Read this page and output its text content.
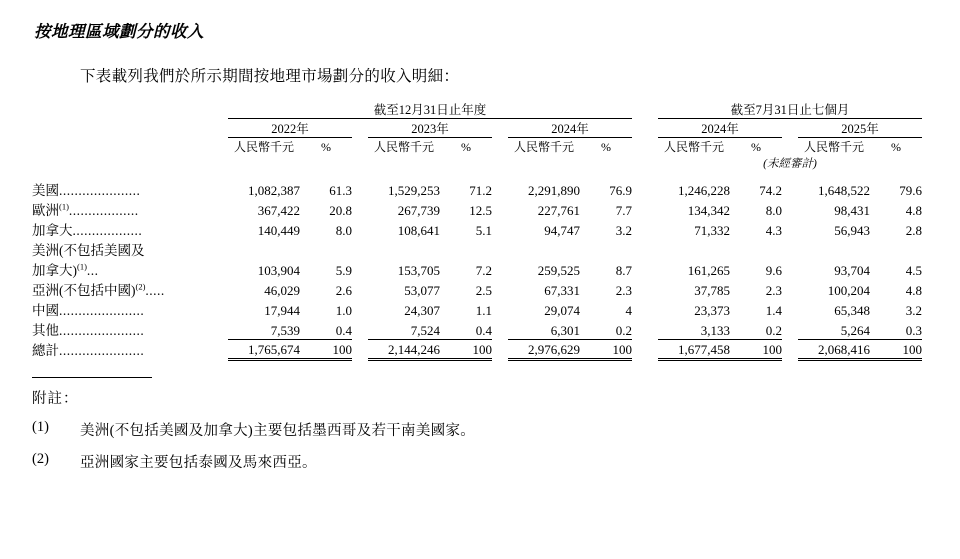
按地理區域劃分的收入
下表載列我們於所示期間按地理市場劃分的收入明細：
	截至12月31日止年度									截至7月31日止七個月				

	2022年			2023年			2024年			2024年			2025年	

	人民幣千元	%		人民幣千元	%		人民幣千元	%		人民幣千元	%		人民幣千元	%
										(未經審計)				

美國.....................	1,082,387	61.3		1,529,253	71.2		2,291,890	76.9		1,246,228	74.2		1,648,522	79.6
歐洲$^{(1)}$..................	367,422	20.8		267,739	12.5		227,761	7.7		134,342	8.0		98,431	4.8
加拿大..................	140,449	8.0		108,641	5.1		94,747	3.2		71,332	4.3		56,943	2.8
美洲(不包括美國及														
加拿大)$^{(1)}$...	103,904	5.9		153,705	7.2		259,525	8.7		161,265	9.6		93,704	4.5
亞洲(不包括中國)$^{(2)}$.....	46,029	2.6		53,077	2.5		67,331	2.3		37,785	2.3		100,204	4.8
中國......................	17,944	1.0		24,307	1.1		29,074	4		23,373	1.4		65,348	3.2
其他......................	7,539	0.4		7,524	0.4		6,301	0.2		3,133	0.2		5,264	0.3
總計......................	1,765,674	100		2,144,246	100		2,976,629	100		1,677,458	100		2,068,416	100
附註：
(1)	美洲(不包括美國及加拿大)主要包括墨西哥及若干南美國家。
(2)	亞洲國家主要包括泰國及馬來西亞。
